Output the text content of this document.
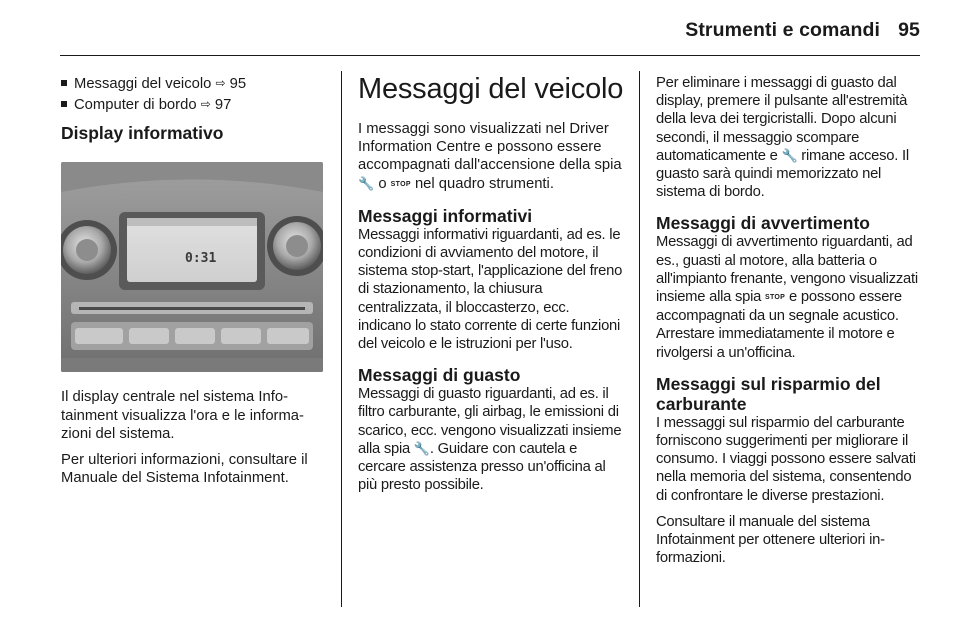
Strumenti e comandi 95
Messaggi del veicolo ⇨ 95
Computer di bordo ⇨ 97
Display informativo
0:31

Il display centrale nel sistema Infotainment visualizza l'ora e le informazioni del sistema.

Per ulteriori informazioni, consultare il Manuale del Sistema Infotainment.

Messaggi del veicolo

I messaggi sono visualizzati nel Driver Information Centre e possono essere accompagnati dall'accensione della spia 🔧 o STOP nel quadro strumenti.

Messaggi informativi

Messaggi informativi riguardanti, ad es. le condizioni di avviamento del motore, il sistema stop-start, l'applicazione del freno di stazionamento, la chiusura centralizzata, il bloccasterzo, ecc. indicano lo stato corrente di certe funzioni del veicolo e le istruzioni per l'uso.

Messaggi di guasto

Messaggi di guasto riguardanti, ad es. il filtro carburante, gli airbag, le emissioni di scarico, ecc. vengono visualizzati insieme alla spia 🔧. Guidare con cautela e cercare assistenza presso un'officina al più presto possibile.

Per eliminare i messaggi di guasto dal display, premere il pulsante all'estremità della leva dei tergicristalli. Dopo alcuni secondi, il messaggio scompare automaticamente e 🔧 rimane acceso. Il guasto sarà quindi memorizzato nel sistema di bordo.

Messaggi di avvertimento

Messaggi di avvertimento riguardanti, ad es., guasti al motore, alla batteria o all'impianto frenante, vengono visualizzati insieme alla spia STOP e possono essere accompagnati da un segnale acustico. Arrestare immediatamente il motore e rivolgersi a un'officina.

Messaggi sul risparmio del carburante

I messaggi sul risparmio del carburante forniscono suggerimenti per migliorare il consumo. I viaggi possono essere salvati nella memoria del sistema, consentendo di confrontare le diverse prestazioni.

Consultare il manuale del sistema Infotainment per ottenere ulteriori informazioni.
